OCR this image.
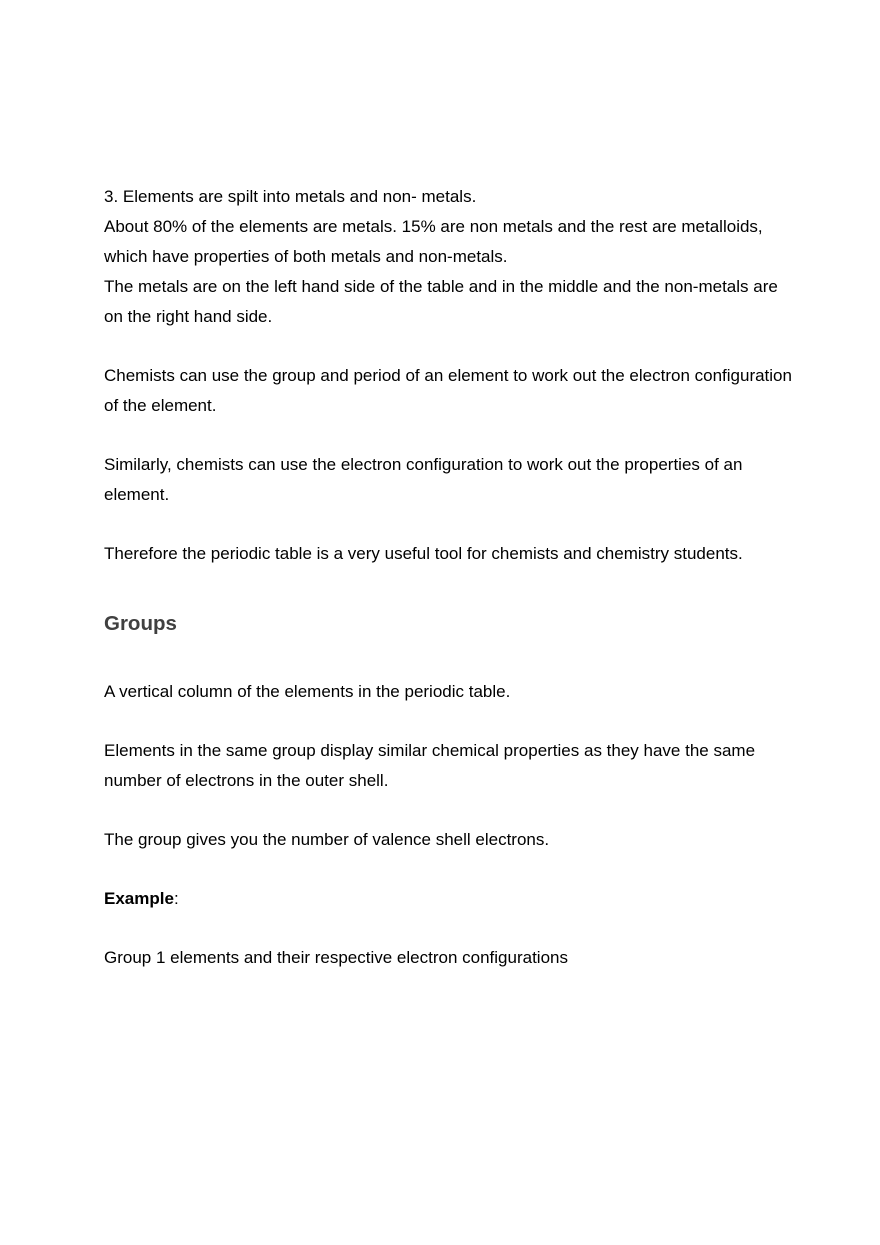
3. Elements are spilt into metals and non- metals.

About 80% of the elements are metals. 15% are non metals and the rest are metalloids, which have properties of both metals and non-metals.

The metals are on the left hand side of the table and in the middle and the non-metals are on the right hand side.

Chemists can use the group and period of an element to work out the electron configuration of the element.

Similarly, chemists can use the electron configuration to work out the properties of an element.

Therefore the periodic table is a very useful tool for chemists and chemistry students.

Groups

A vertical column of the elements in the periodic table.

Elements in the same group display similar chemical properties as they have the same number of electrons in the outer shell.

The group gives you the number of valence shell electrons.

Example:

Group 1 elements and their respective electron configurations
